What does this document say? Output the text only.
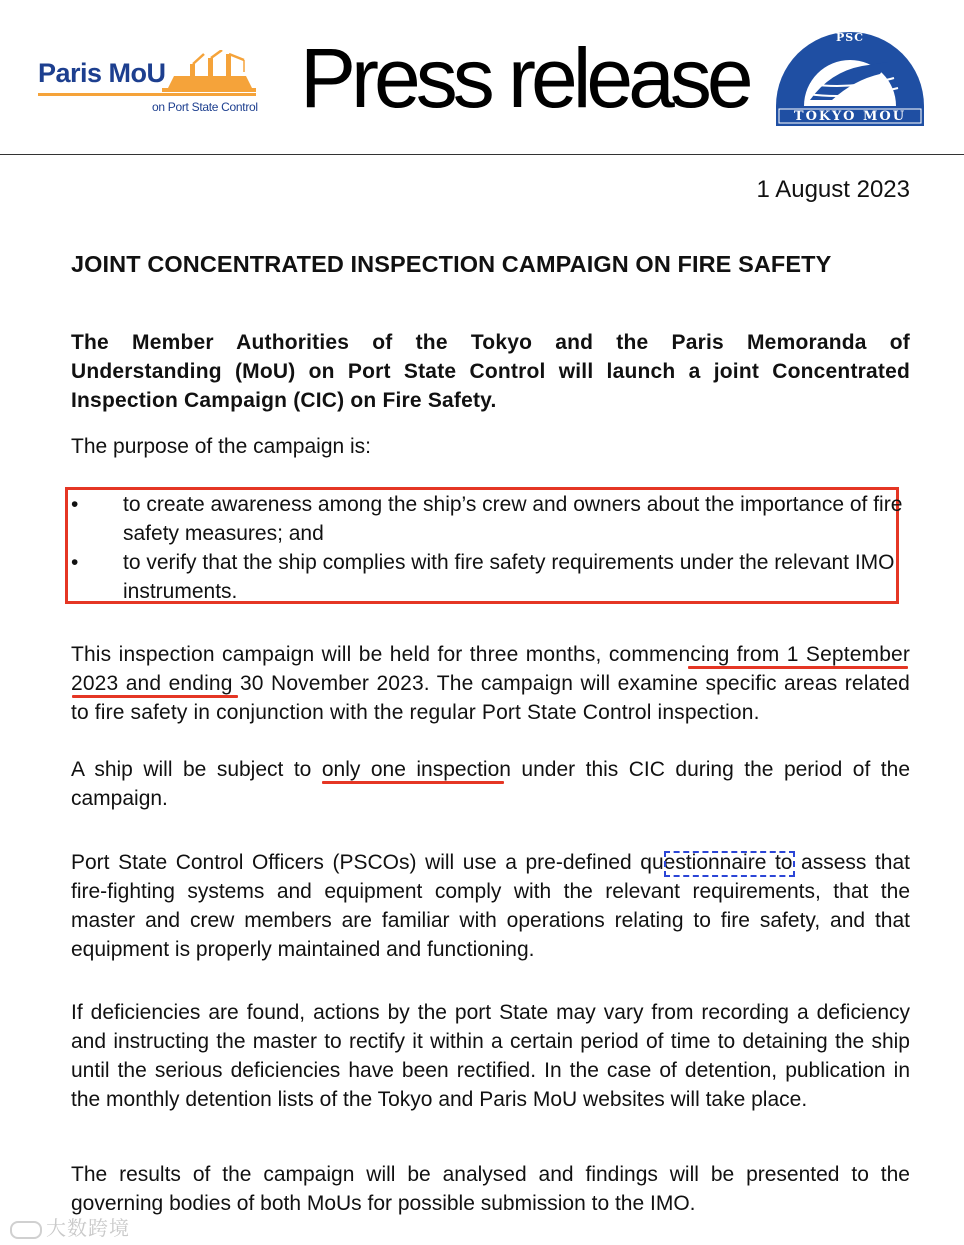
Paris MoU
on Port State Control Press release
ASIA-PACIFIC PSC
TOKYO MOU
1 August 2023
JOINT CONCENTRATED INSPECTION CAMPAIGN ON FIRE SAFETY
The Member Authorities of the Tokyo and the Paris Memoranda of
Understanding (MoU) on Port State Control will launch a joint Concentrated
Inspection Campaign (CIC) on Fire Safety.
The purpose of the campaign is:
• to create awareness among the ship’s crew and owners about the importance of fire safety measures; and
• to verify that the ship complies with fire safety requirements under the relevant IMO instruments.
This inspection campaign will be held for three months, commencing from 1 September 2023 and ending 30 November 2023. The campaign will examine specific areas related to fire safety in conjunction with the regular Port State Control inspection.
A ship will be subject to only one inspection under this CIC during the period of the campaign.
Port State Control Officers (PSCOs) will use a pre-defined questionnaire to assess that fire-fighting systems and equipment comply with the relevant requirements, that the master and crew members are familiar with operations relating to fire safety, and that equipment is properly maintained and functioning.
If deficiencies are found, actions by the port State may vary from recording a deficiency and instructing the master to rectify it within a certain period of time to detaining the ship until the serious deficiencies have been rectified. In the case of detention, publication in the monthly detention lists of the Tokyo and Paris MoU websites will take place.
The results of the campaign will be analysed and findings will be presented to the governing bodies of both MoUs for possible submission to the IMO.
大数跨境
